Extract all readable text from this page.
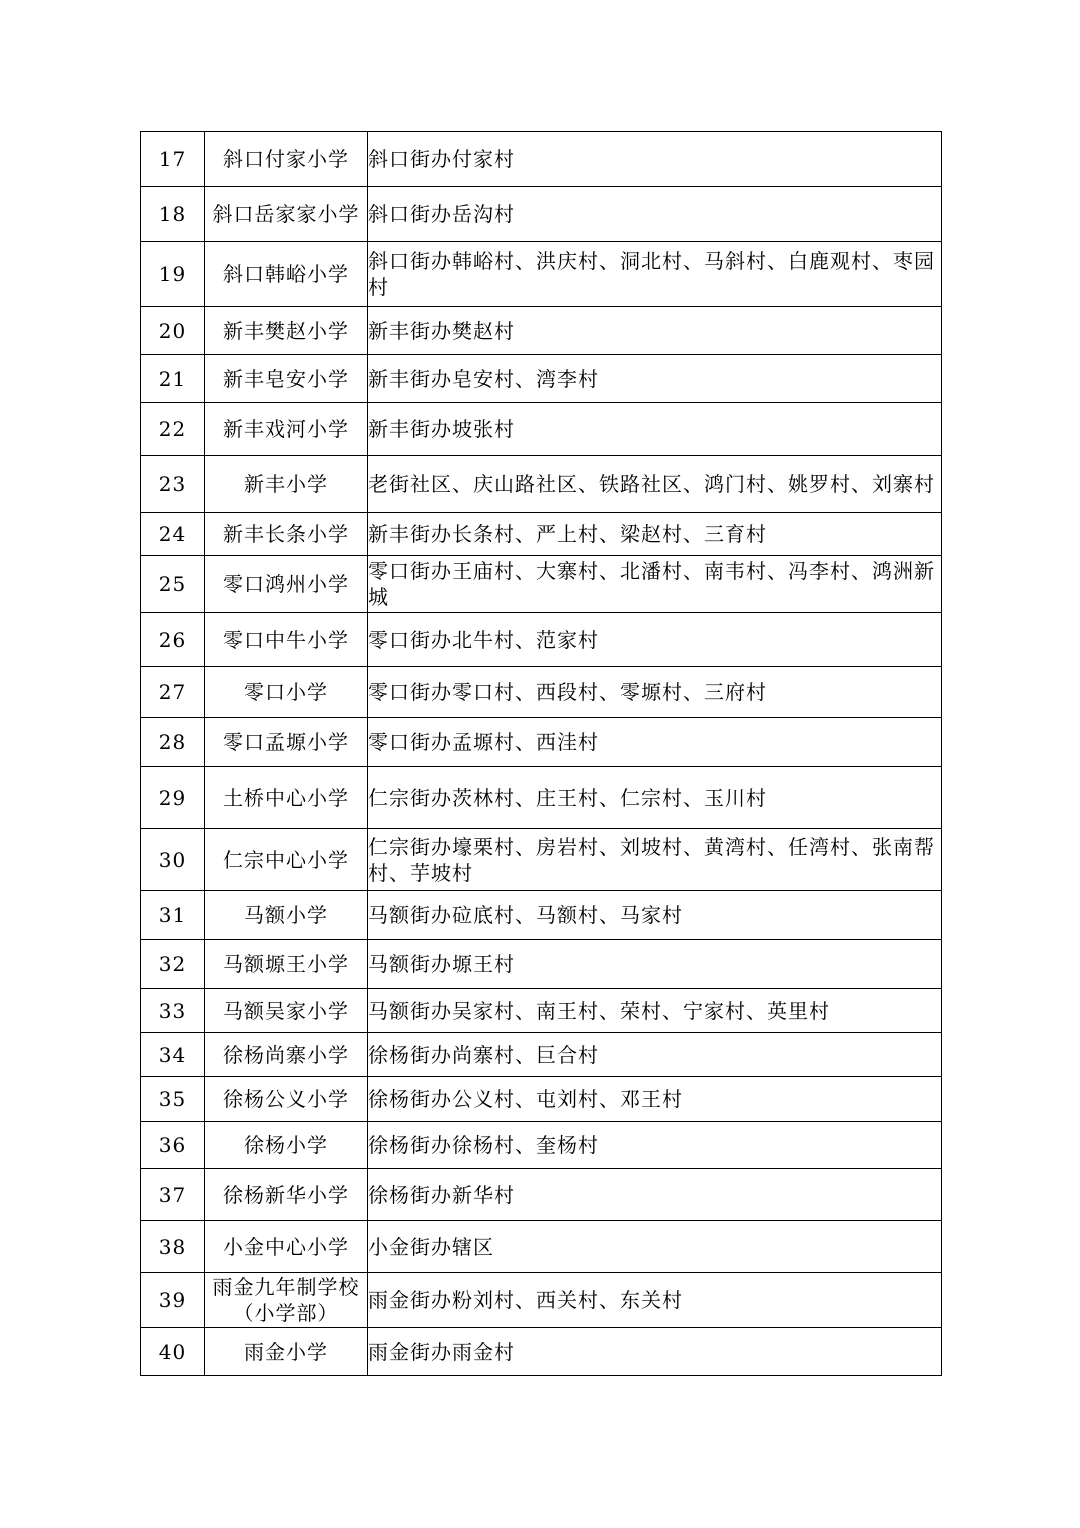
17	斜口付家小学	斜口街办付家村
18	斜口岳家家小学	斜口街办岳沟村
19	斜口韩峪小学	斜口街办韩峪村、洪庆村、洞北村、马斜村、白鹿观村、枣园村
20	新丰樊赵小学	新丰街办樊赵村
21	新丰皂安小学	新丰街办皂安村、湾李村
22	新丰戏河小学	新丰街办坡张村
23	新丰小学	老街社区、庆山路社区、铁路社区、鸿门村、姚罗村、刘寨村
24	新丰长条小学	新丰街办长条村、严上村、梁赵村、三育村
25	零口鸿州小学	零口街办王庙村、大寨村、北潘村、南韦村、冯李村、鸿洲新城
26	零口中牛小学	零口街办北牛村、范家村
27	零口小学	零口街办零口村、西段村、零塬村、三府村
28	零口孟塬小学	零口街办孟塬村、西洼村
29	土桥中心小学	仁宗街办茨林村、庄王村、仁宗村、玉川村
30	仁宗中心小学	仁宗街办壕栗村、房岩村、刘坡村、黄湾村、任湾村、张南帮村、芋坡村
31	马额小学	马额街办砬底村、马额村、马家村
32	马额塬王小学	马额街办塬王村
33	马额吴家小学	马额街办吴家村、南王村、荣村、宁家村、英里村
34	徐杨尚寨小学	徐杨街办尚寨村、巨合村
35	徐杨公义小学	徐杨街办公义村、屯刘村、邓王村
36	徐杨小学	徐杨街办徐杨村、奎杨村
37	徐杨新华小学	徐杨街办新华村
38	小金中心小学	小金街办辖区
39	雨金九年制学校（小学部）	雨金街办粉刘村、西关村、东关村
40	雨金小学	雨金街办雨金村
